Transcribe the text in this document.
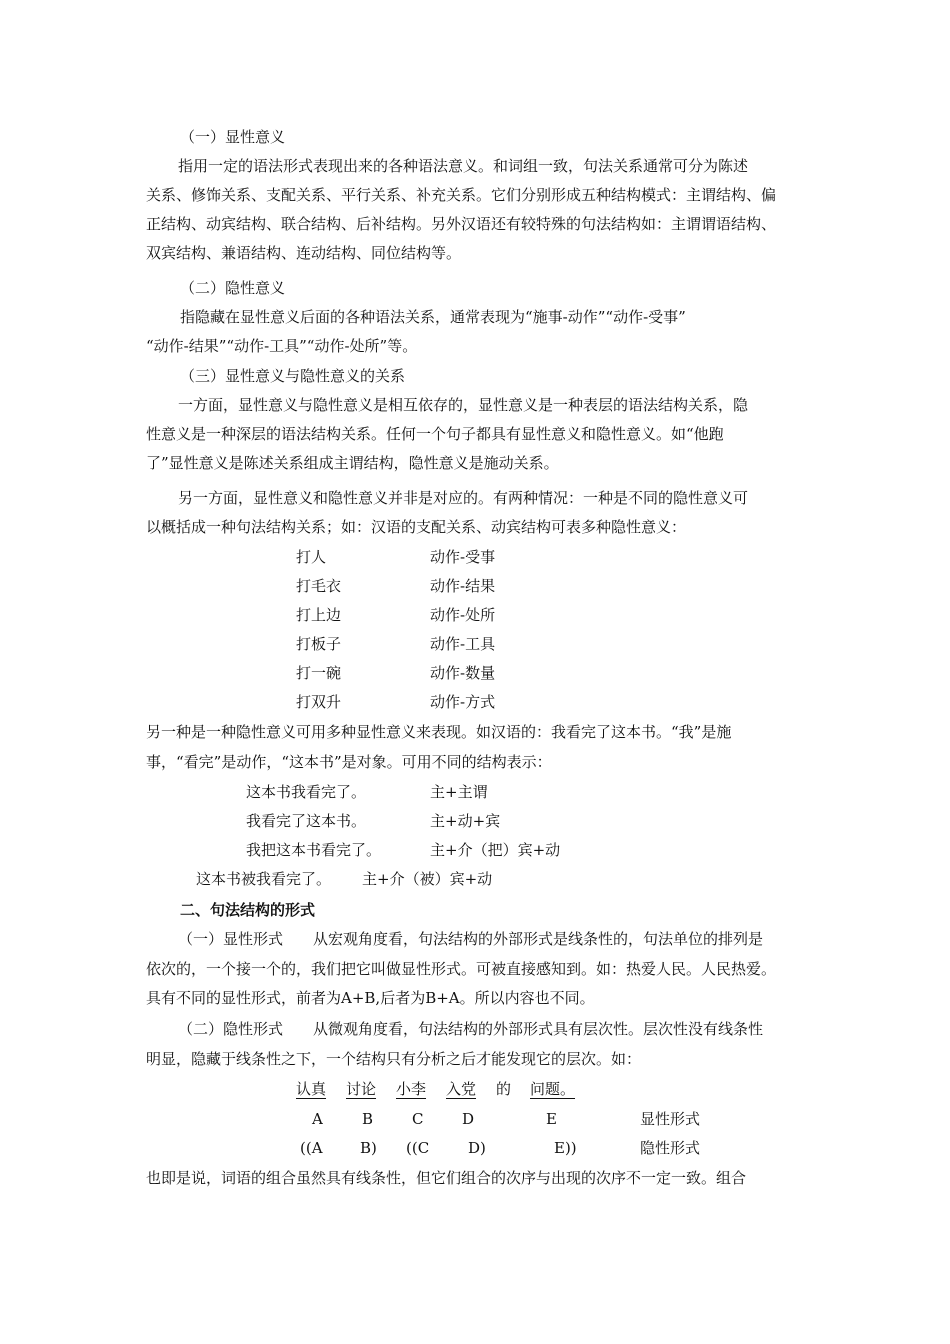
（一）显性意义
指用一定的语法形式表现出来的各种语法意义。和词组一致，句法关系通常可分为陈述
关系、修饰关系、支配关系、平行关系、补充关系。它们分别形成五种结构模式：主谓结构、偏
正结构、动宾结构、联合结构、后补结构。另外汉语还有较特殊的句法结构如：主谓谓语结构、
双宾结构、兼语结构、连动结构、同位结构等。
（二）隐性意义
指隐藏在显性意义后面的各种语法关系，通常表现为“施事-动作”“动作-受事”
“动作-结果”“动作-工具”“动作-处所”等。
（三）显性意义与隐性意义的关系
一方面，显性意义与隐性意义是相互依存的，显性意义是一种表层的语法结构关系，隐
性意义是一种深层的语法结构关系。任何一个句子都具有显性意义和隐性意义。如“他跑
了”显性意义是陈述关系组成主谓结构，隐性意义是施动关系。
另一方面，显性意义和隐性意义并非是对应的。有两种情况：一种是不同的隐性意义可
以概括成一种句法结构关系；如：汉语的支配关系、动宾结构可表多种隐性意义：
打人	动作-受事
打毛衣	动作-结果
打上边	动作-处所
打板子	动作-工具
打一碗	动作-数量
打双升	动作-方式
另一种是一种隐性意义可用多种显性意义来表现。如汉语的：我看完了这本书。“我”是施
事，“看完”是动作，“这本书”是对象。可用不同的结构表示：
这本书我看完了。	主+主谓
我看完了这本书。	主+动+宾
我把这本书看完了。	主+介（把）宾+动
这本书被我看完了。 主+介（被）宾+动
二、句法结构的形式
（一）显性形式　　从宏观角度看，句法结构的外部形式是线条性的，句法单位的排列是
依次的，一个接一个的，我们把它叫做显性形式。可被直接感知到。如：热爱人民。人民热爱。
具有不同的显性形式，前者为A+B,后者为B+A。所以内容也不同。
（二）隐性形式　　从微观角度看，句法结构的外部形式具有层次性。层次性没有线条性
明显，隐藏于线条性之下，一个结构只有分析之后才能发现它的层次。如：
认真 讨论 小李 入党 的 问题。
A	B	C	D	E	显性形式
((A B) ((C	D)	E))	隐性形式
也即是说，词语的组合虽然具有线条性，但它们组合的次序与出现的次序不一定一致。组合
